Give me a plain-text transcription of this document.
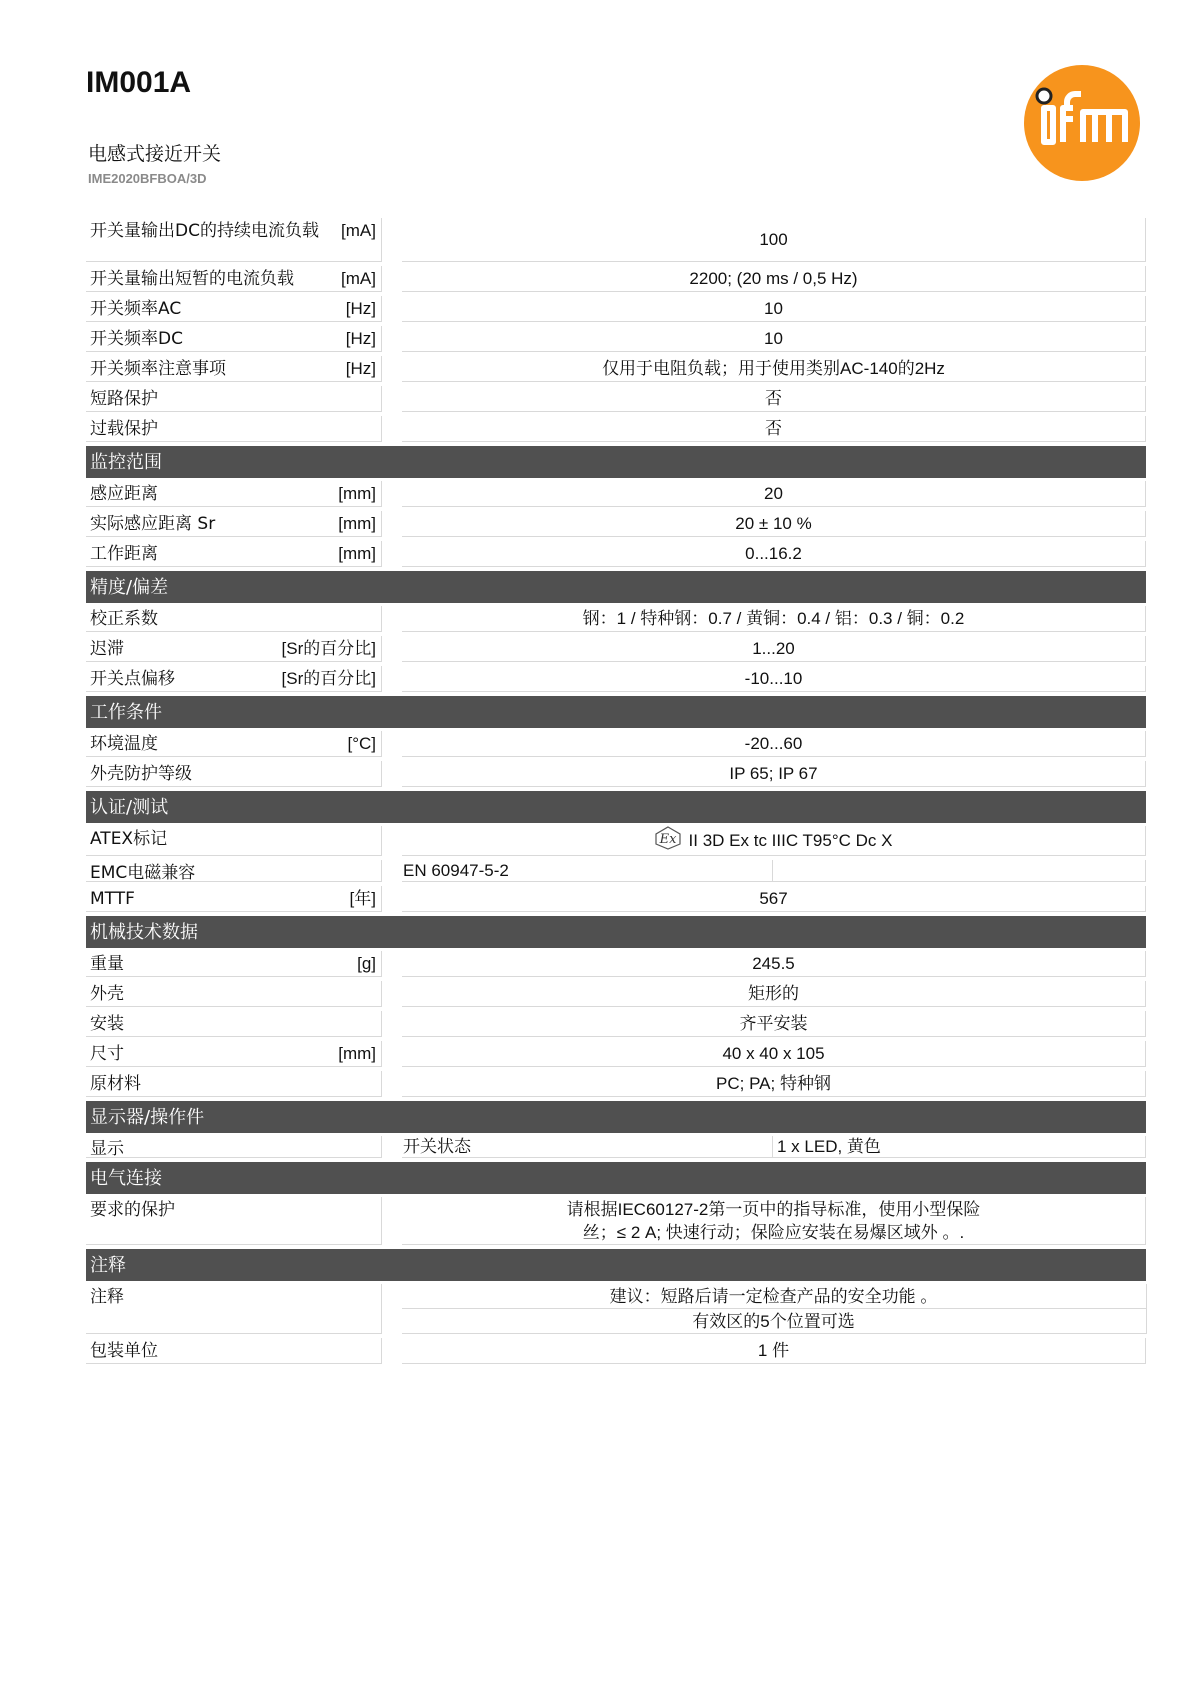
IM001A
电感式接近开关
IME2020BFBOA/3D
开关量输出DC的持续电流负载	[mA]	100
开关量输出短暂的电流负载	[mA]	2200; (20 ms / 0,5 Hz)
开关频率AC	[Hz]	10
开关频率DC	[Hz]	10
开关频率注意事项	[Hz]	仅用于电阻负载；用于使用类别AC-140的2Hz
短路保护	否
过载保护	否
监控范围
感应距离	[mm]	20
实际感应距离 Sr	[mm]	20 ± 10 %
工作距离	[mm]	0...16.2
精度/偏差
校正系数	钢：1 / 特种钢：0.7 / 黄铜：0.4 / 铝：0.3 / 铜：0.2
迟滞	[Sr的百分比]	1...20
开关点偏移	[Sr的百分比]	-10...10
工作条件
环境温度	[°C]	-20...60
外壳防护等级	IP 65; IP 67
认证/测试
ATEX标记	Ex II 3D Ex tc IIIC T95°C Dc X
EMC电磁兼容	EN 60947-5-2
MTTF	[年]	567
机械技术数据
重量	[g]	245.5
外壳	矩形的
安装	齐平安装
尺寸	[mm]	40 x 40 x 105
原材料	PC; PA; 特种钢
显示器/操作件
显示	开关状态	1 x LED, 黄色
电气连接
要求的保护	请根据IEC60127-2第一页中的指导标准，使用小型保险丝；≤ 2 A; 快速行动；保险应安装在易爆区域外 。.
注释
注释	建议：短路后请一定检查产品的安全功能 。
有效区的5个位置可选
包装单位	1 件
